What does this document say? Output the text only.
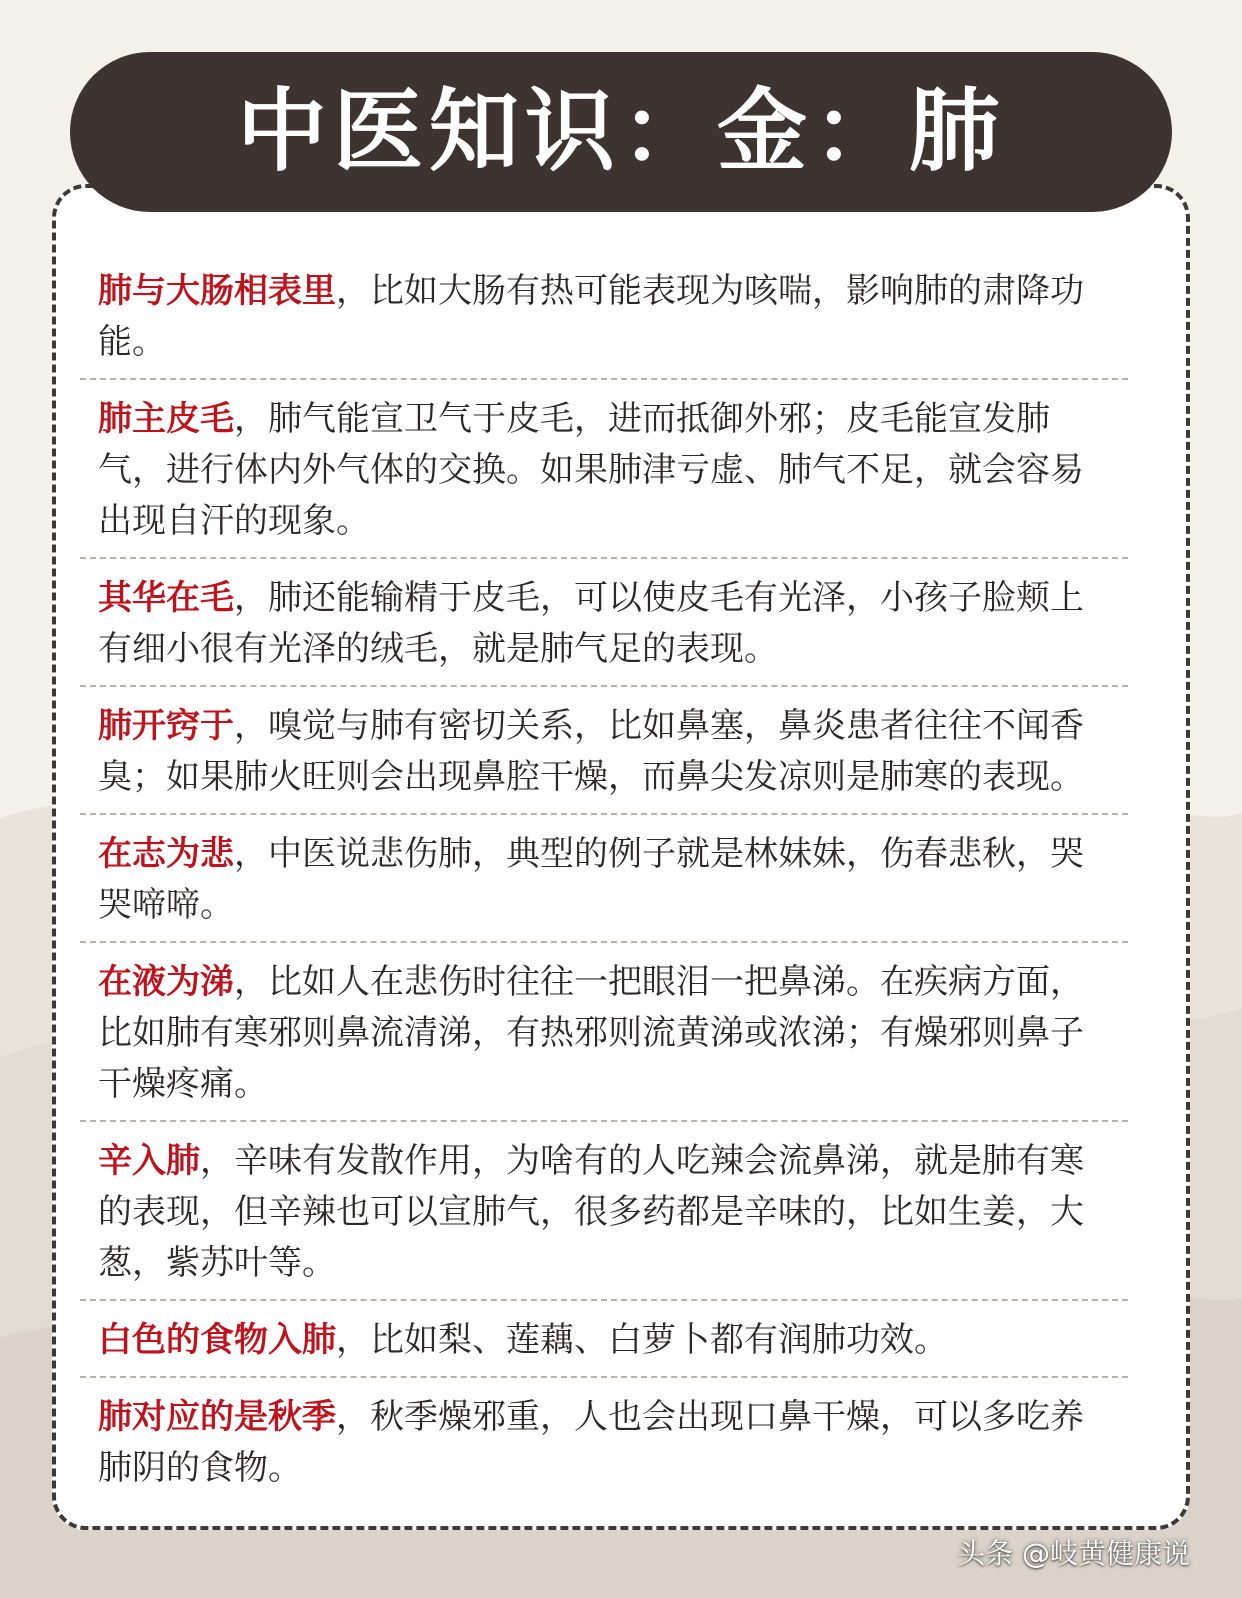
中医知识：金：肺
肺与大肠相表里，比如大肠有热可能表现为咳喘，影响肺的肃降功能。
肺主皮毛，肺气能宣卫气于皮毛，进而抵御外邪；皮毛能宣发肺气，进行体内外气体的交换。如果肺津亏虚、肺气不足，就会容易出现自汗的现象。
其华在毛，肺还能输精于皮毛，可以使皮毛有光泽，小孩子脸颊上有细小很有光泽的绒毛，就是肺气足的表现。
肺开窍于，嗅觉与肺有密切关系，比如鼻塞，鼻炎患者往往不闻香臭；如果肺火旺则会出现鼻腔干燥，而鼻尖发凉则是肺寒的表现。
在志为悲，中医说悲伤肺，典型的例子就是林妹妹，伤春悲秋，哭哭啼啼。
在液为涕，比如人在悲伤时往往一把眼泪一把鼻涕。在疾病方面，比如肺有寒邪则鼻流清涕，有热邪则流黄涕或浓涕；有燥邪则鼻子干燥疼痛。
辛入肺，辛味有发散作用，为啥有的人吃辣会流鼻涕，就是肺有寒的表现，但辛辣也可以宣肺气，很多药都是辛味的，比如生姜，大葱，紫苏叶等。
白色的食物入肺，比如梨、莲藕、白萝卜都有润肺功效。
肺对应的是秋季，秋季燥邪重，人也会出现口鼻干燥，可以多吃养肺阴的食物。
头条 @岐黄健康说
